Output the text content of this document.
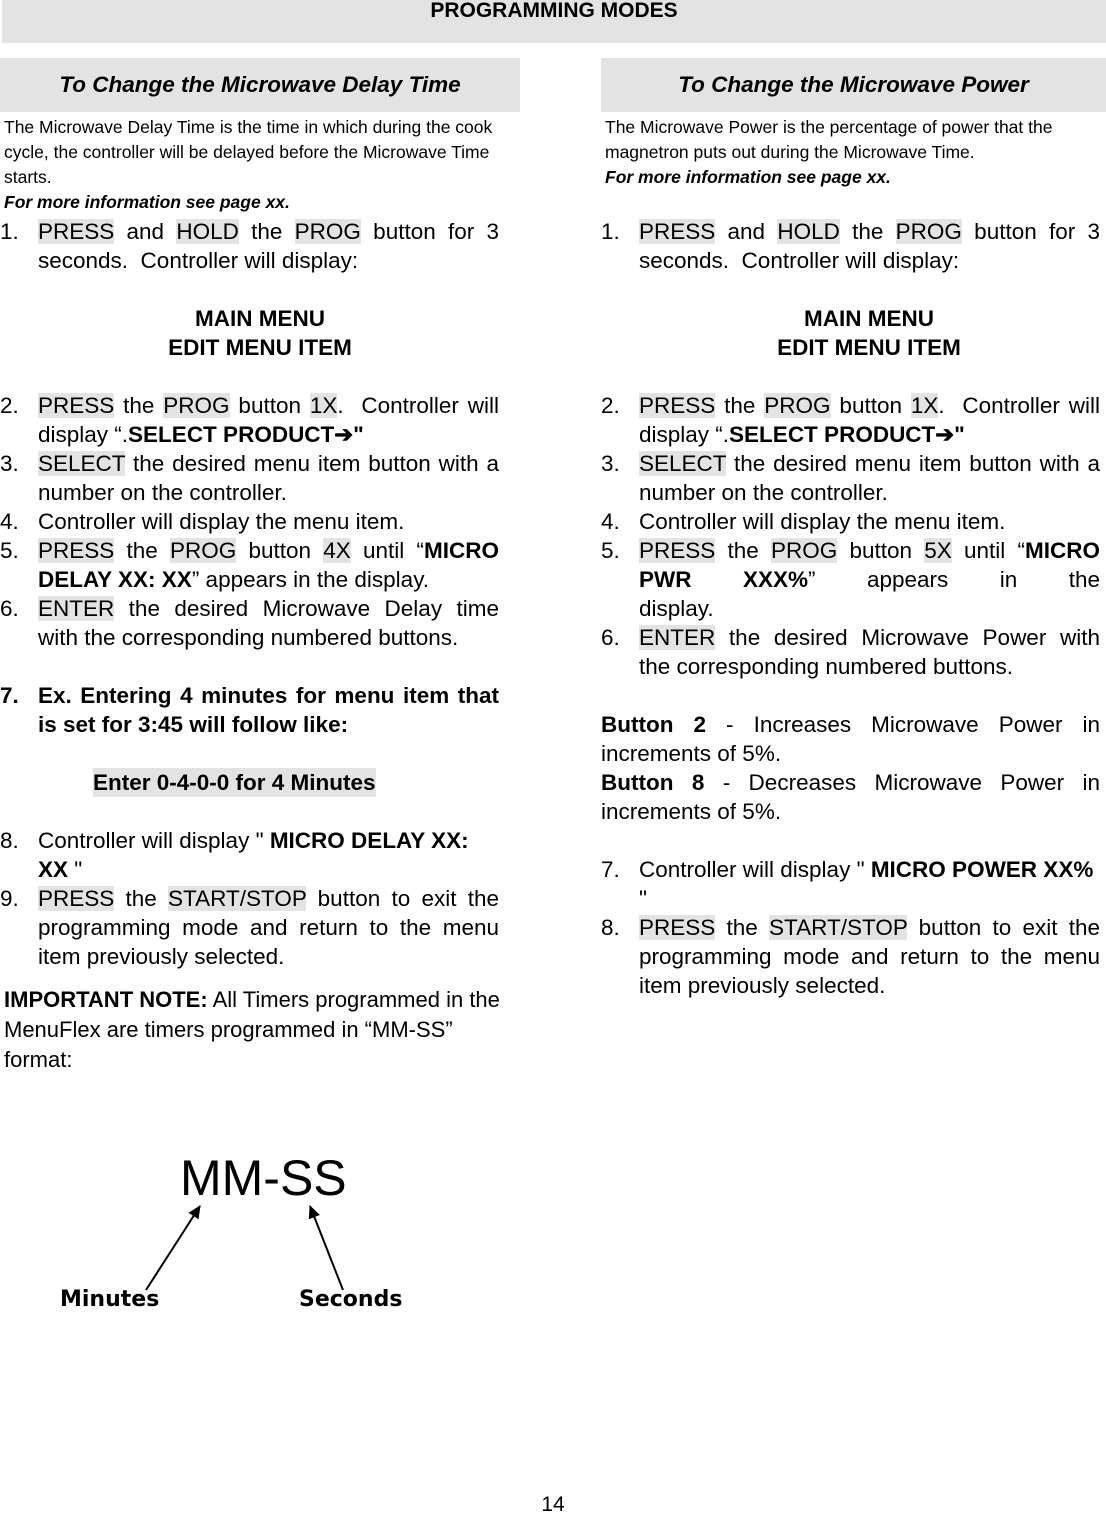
PROGRAMMING MODES
To Change the Microwave Delay Time
The Microwave Delay Time is the time in which during the cook cycle, the controller will be delayed before the Microwave Time starts.
For more information see page xx.
1. PRESS and HOLD the PROG button for 3 seconds.  Controller will display:
MAIN MENU
EDIT MENU ITEM
2. PRESS the PROG button 1X.  Controller will display “.SELECT PRODUCT➔"
3. SELECT the desired menu item button with a number on the controller.
4. Controller will display the menu item.
5. PRESS the PROG button 4X until “MICRO DELAY XX: XX” appears in the display.
6. ENTER the desired Microwave Delay time with the corresponding numbered buttons.
7. Ex. Entering 4 minutes for menu item that is set for 3:45 will follow like:
Enter 0-4-0-0 for 4 Minutes
8. Controller will display " MICRO DELAY XX: XX "
9. PRESS the START/STOP button to exit the programming mode and return to the menu item previously selected.
IMPORTANT NOTE: All Timers programmed in the MenuFlex are timers programmed in “MM-SS” format:
MM-SS
Minutes	Seconds
To Change the Microwave Power
The Microwave Power is the percentage of power that the magnetron puts out during the Microwave Time.
For more information see page xx.
1. PRESS and HOLD the PROG button for 3 seconds.  Controller will display:
MAIN MENU
EDIT MENU ITEM
2. PRESS the PROG button 1X.  Controller will display “.SELECT PRODUCT➔"
3. SELECT the desired menu item button with a number on the controller.
4. Controller will display the menu item.
5. PRESS the PROG button 5X until “MICRO PWR XXX%” appears in the

display.
6. ENTER the desired Microwave Power with the corresponding numbered buttons.
Button 2 - Increases Microwave Power in increments of 5%.
Button 8 - Decreases Microwave Power in increments of 5%.
7. Controller will display " MICRO POWER XX% "
8. PRESS the START/STOP button to exit the programming mode and return to the menu item previously selected.
14
